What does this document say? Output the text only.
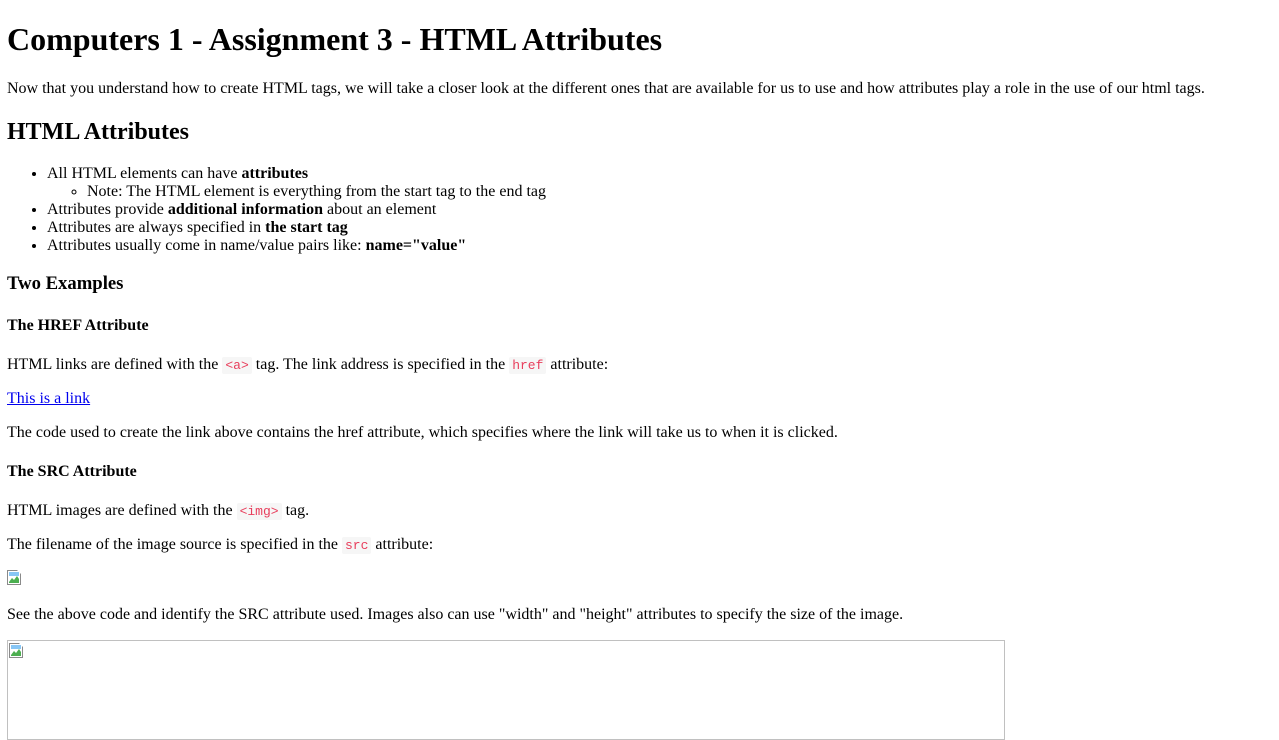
Computers 1 - Assignment 3 - HTML Attributes

Now that you understand how to create HTML tags, we will take a closer look at the different ones that are available for us to use and how attributes play a role in the use of our html tags.

HTML Attributes
• All HTML elements can have attributes
◦ Note: The HTML element is everything from the start tag to the end tag
• Attributes provide additional information about an element
• Attributes are always specified in the start tag
• Attributes usually come in name/value pairs like: name="value"
Two Examples
The HREF Attribute

HTML links are defined with the <a> tag. The link address is specified in the href attribute:

This is a link

The code used to create the link above contains the href attribute, which specifies where the link will take us to when it is clicked.

The SRC Attribute

HTML images are defined with the <img> tag.

The filename of the image source is specified in the src attribute:

See the above code and identify the SRC attribute used. Images also can use "width" and "height" attributes to specify the size of the image.
